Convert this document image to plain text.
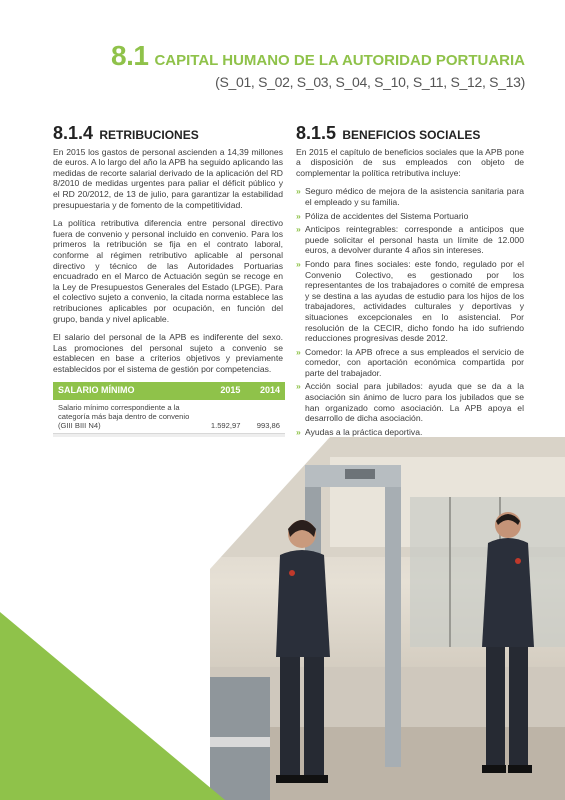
8.1 CAPITAL HUMANO DE LA AUTORIDAD PORTUARIA
(S_01, S_02, S_03, S_04, S_10, S_11, S_12, S_13)
8.1.4 RETRIBUCIONES

En 2015 los gastos de personal ascienden a 14,39 millones de euros. A lo largo del año la APB ha seguido aplicando las medidas de recorte salarial derivado de la aplicación del RD 8/2010 de medidas urgentes para paliar el déficit público y el RD 20/2012, de 13 de julio, para garantizar la estabilidad presupuestaria y de fomento de la competitividad.

La política retributiva diferencia entre personal directivo fuera de convenio y personal incluido en convenio. Para los primeros la retribución se fija en el contrato laboral, conforme al régimen retributivo aplicable al personal directivo y técnico de las Autoridades Portuarias encuadrado en el Marco de Actuación según se recoge en la Ley de Presupuestos Generales del Estado (LPGE). Para el colectivo sujeto a convenio, la citada norma establece las retribuciones aplicables por ocupación, en función del grupo, banda y nivel aplicable.

El salario del personal de la APB es indiferente del sexo. Las promociones del personal sujeto a convenio se establecen en base a criterios objetivos y previamente establecidos por el sistema de gestión por competencias.

SALARIO MÍNIMO	2015	2014
Salario mínimo correspondiente a la categoría más baja dentro de convenio (GIII BIII N4)	1.592,97	993,86
Salario base + complemento de residencia + otros complementos correspondiente a la categoría más baja dentro del convenio (GIII BIII N4)		
Salario mínimo interprofesional (mensual)		
8.1.5 BENEFICIOS SOCIALES

En 2015 el capítulo de beneficios sociales que la APB pone a disposición de sus empleados con objeto de complementar la política retributiva incluye:

» Seguro médico de mejora de la asistencia sanitaria para el empleado y su familia.
» Póliza de accidentes del Sistema Portuario
» Anticipos reintegrables: corresponde a anticipos que puede solicitar el personal hasta un límite de 12.000 euros, a devolver durante 4 años sin intereses.
» Fondo para fines sociales: este fondo, regulado por el Convenio Colectivo, es gestionado por los representantes de los trabajadores o comité de empresa y se destina a las ayudas de estudio para los hijos de los trabajadores, actividades culturales y deportivas y situaciones excepcionales en lo asistencial. Por resolución de la CECIR, dicho fondo ha ido sufriendo reducciones progresivas desde 2012.
» Comedor: la APB ofrece a sus empleados el servicio de comedor, con aportación económica compartida por parte del trabajador.
» Acción social para jubilados: ayuda que se da a la asociación sin ánimo de lucro para los jubilados que se han organizado como asociación. La APB apoya el desarrollo de dicha asociación.
» Ayudas a la práctica deportiva.
